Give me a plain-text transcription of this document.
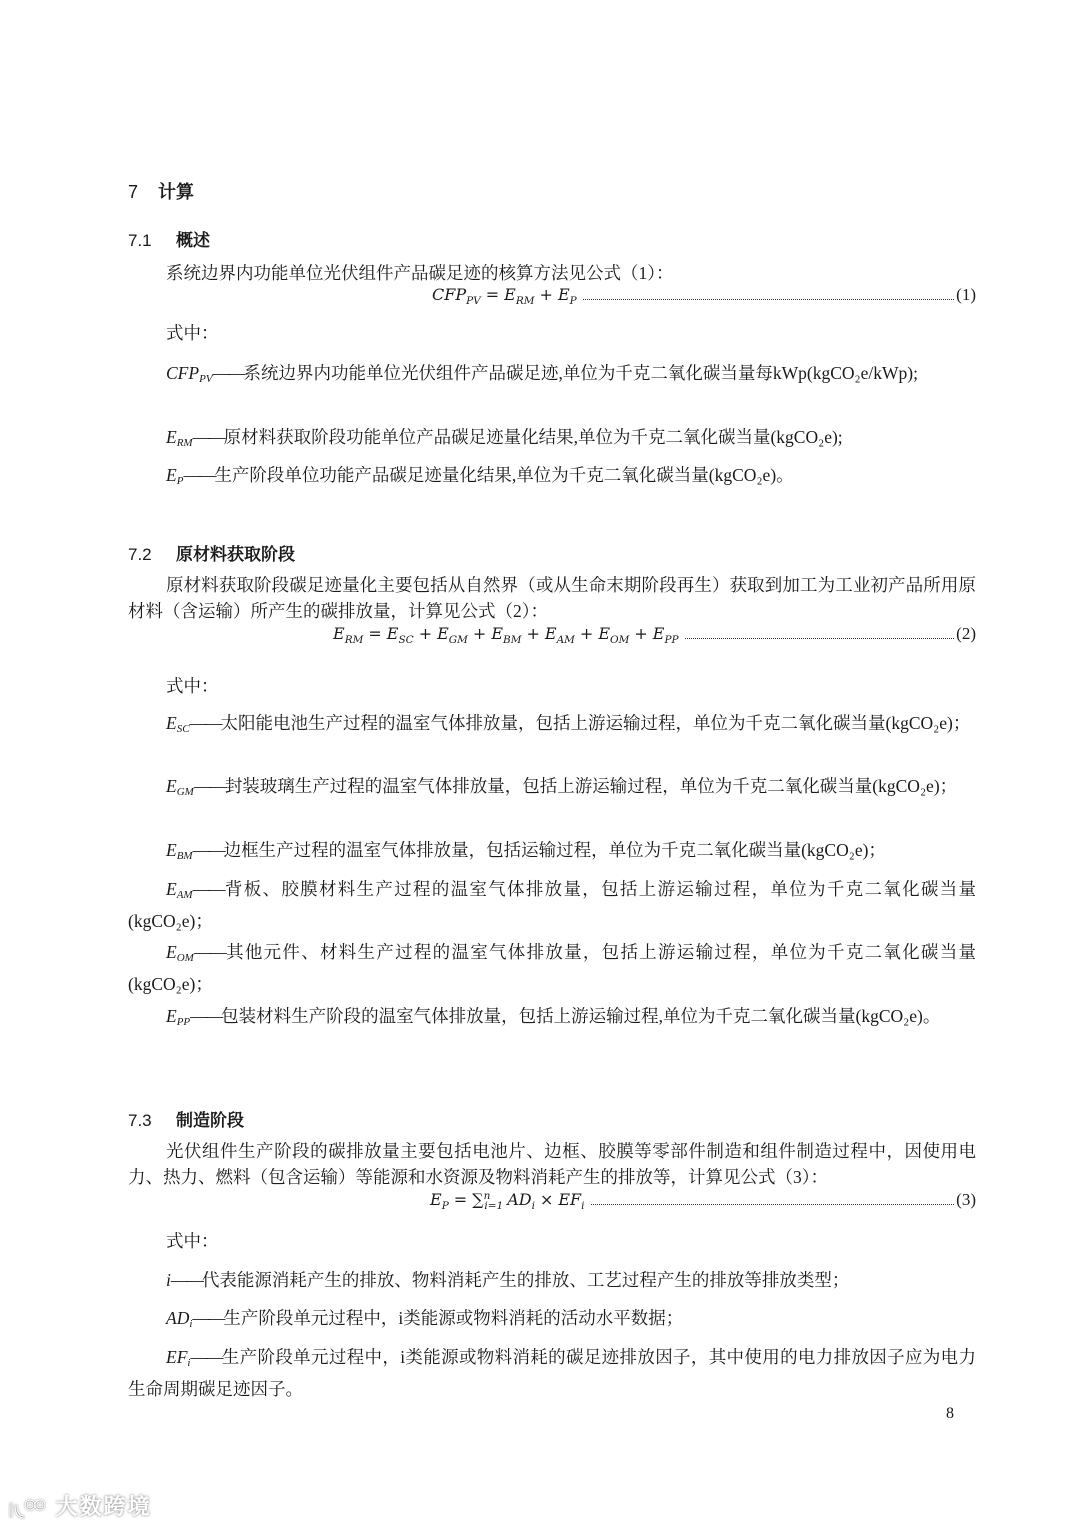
7 计算
7.1 概述
系统边界内功能单位光伏组件产品碳足迹的核算方法见公式（1）：
$CFP_{PV} = E_{RM} + E_P$	(1)
式中：
$CFP_{PV}——$系统边界内功能单位光伏组件产品碳足迹,单位为千克二氧化碳当量每kWp(kgCO₂e/kWp);
$E_{RM}——$原材料获取阶段功能单位产品碳足迹量化结果,单位为千克二氧化碳当量(kgCO₂e);
$E_P——$生产阶段单位功能产品碳足迹量化结果,单位为千克二氧化碳当量(kgCO₂e)。
7.2 原材料获取阶段
原材料获取阶段碳足迹量化主要包括从自然界（或从生命末期阶段再生）获取到加工为工业初产品所用原材料（含运输）所产生的碳排放量，计算见公式（2）：
$E_{RM} = E_{SC} + E_{GM} + E_{BM} + E_{AM} + E_{OM} + E_{PP}$	(2)
式中：
$E_{SC}——$太阳能电池生产过程的温室气体排放量，包括上游运输过程，单位为千克二氧化碳当量(kgCO₂e)；
$E_{GM}——$封装玻璃生产过程的温室气体排放量，包括上游运输过程，单位为千克二氧化碳当量(kgCO₂e)；
$E_{BM}——$边框生产过程的温室气体排放量，包括运输过程，单位为千克二氧化碳当量(kgCO₂e)；
$E_{AM}——$背板、胶膜材料生产过程的温室气体排放量，包括上游运输过程，单位为千克二氧化碳当量(kgCO₂e)；
$E_{OM}——$其他元件、材料生产过程的温室气体排放量，包括上游运输过程，单位为千克二氧化碳当量(kgCO₂e)；
$E_{PP}——$包装材料生产阶段的温室气体排放量，包括上游运输过程,单位为千克二氧化碳当量(kgCO₂e)。
7.3 制造阶段
光伏组件生产阶段的碳排放量主要包括电池片、边框、胶膜等零部件制造和组件制造过程中，因使用电力、热力、燃料（包含运输）等能源和水资源及物料消耗产生的排放等，计算见公式（3）：
$E_P = \sum^n_{i=1}$ $AD_i \times EF_i$	(3)
式中：
i——代表能源消耗产生的排放、物料消耗产生的排放、工艺过程产生的排放等排放类型；
$AD_i——$生产阶段单元过程中，i类能源或物料消耗的活动水平数据；
$EF_i——$生产阶段单元过程中，i类能源或物料消耗的碳足迹排放因子，其中使用的电力排放因子应为电力生命周期碳足迹因子。
8
大数跨境
